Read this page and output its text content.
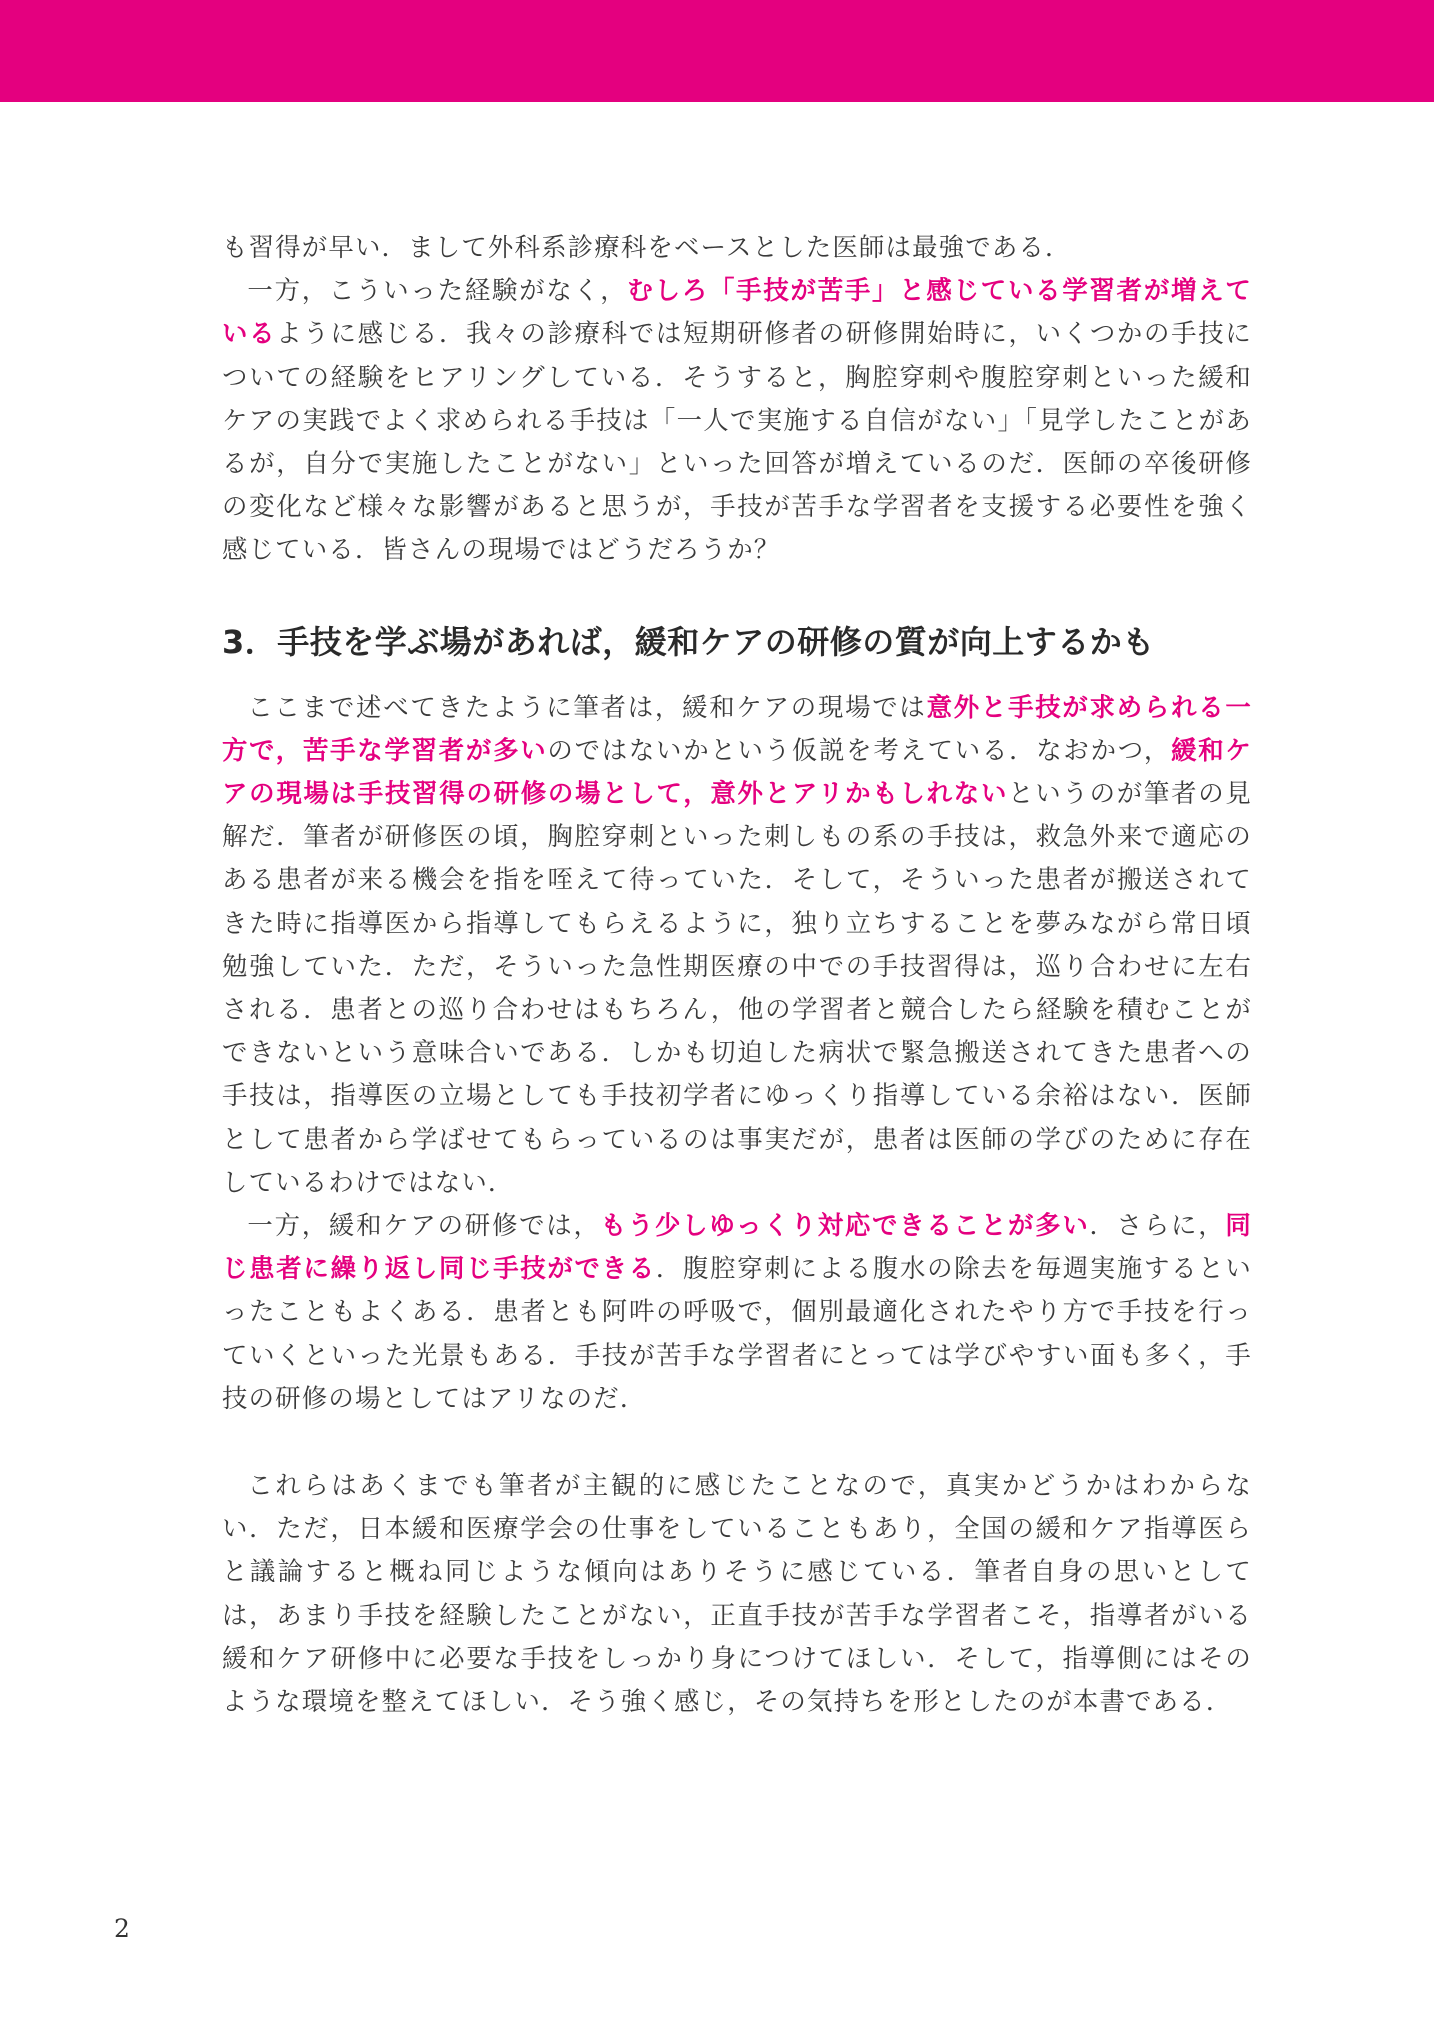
も習得が早い．まして外科系診療科をベースとした医師は最強である．

一方，こういった経験がなく，むしろ「手技が苦手」と感じている学習者が増えているように感じる．我々の診療科では短期研修者の研修開始時に，いくつかの手技についての経験をヒアリングしている．そうすると，胸腔穿刺や腹腔穿刺といった緩和ケアの実践でよく求められる手技は「一人で実施する自信がない」「見学したことがあるが，自分で実施したことがない」といった回答が増えているのだ．医師の卒後研修の変化など様々な影響があると思うが，手技が苦手な学習者を支援する必要性を強く感じている．皆さんの現場ではどうだろうか？

3．手技を学ぶ場があれば，緩和ケアの研修の質が向上するかも

ここまで述べてきたように筆者は，緩和ケアの現場では意外と手技が求められる一方で，苦手な学習者が多いのではないかという仮説を考えている．なおかつ，緩和ケアの現場は手技習得の研修の場として，意外とアリかもしれないというのが筆者の見解だ．筆者が研修医の頃，胸腔穿刺といった刺しもの系の手技は，救急外来で適応のある患者が来る機会を指を咥えて待っていた．そして，そういった患者が搬送されてきた時に指導医から指導してもらえるように，独り立ちすることを夢みながら常日頃勉強していた．ただ，そういった急性期医療の中での手技習得は，巡り合わせに左右される．患者との巡り合わせはもちろん，他の学習者と競合したら経験を積むことができないという意味合いである．しかも切迫した病状で緊急搬送されてきた患者への手技は，指導医の立場としても手技初学者にゆっくり指導している余裕はない．医師として患者から学ばせてもらっているのは事実だが，患者は医師の学びのために存在しているわけではない．

一方，緩和ケアの研修では，もう少しゆっくり対応できることが多い．さらに，同じ患者に繰り返し同じ手技ができる．腹腔穿刺による腹水の除去を毎週実施するといったこともよくある．患者とも阿吽の呼吸で，個別最適化されたやり方で手技を行っていくといった光景もある．手技が苦手な学習者にとっては学びやすい面も多く，手技の研修の場としてはアリなのだ．

これらはあくまでも筆者が主観的に感じたことなので，真実かどうかはわからない．ただ，日本緩和医療学会の仕事をしていることもあり，全国の緩和ケア指導医らと議論すると概ね同じような傾向はありそうに感じている．筆者自身の思いとしては，あまり手技を経験したことがない，正直手技が苦手な学習者こそ，指導者がいる緩和ケア研修中に必要な手技をしっかり身につけてほしい．そして，指導側にはそのような環境を整えてほしい．そう強く感じ，その気持ちを形としたのが本書である．

2
